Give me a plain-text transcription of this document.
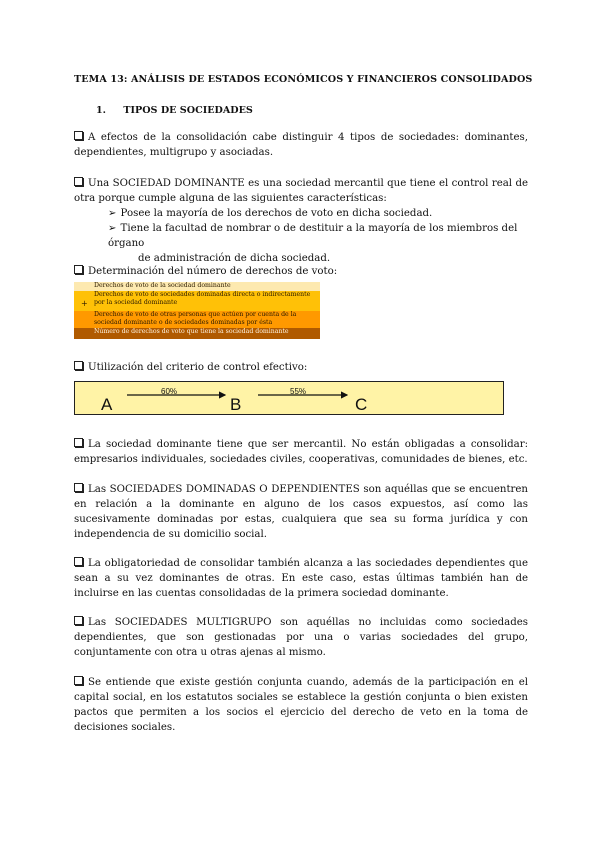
TEMA 13: ANÁLISIS DE ESTADOS ECONÓMICOS Y FINANCIEROS CONSOLIDADOS
1. TIPOS DE SOCIEDADES
A efectos de la consolidación cabe distinguir 4 tipos de sociedades: dominantes, dependientes, multigrupo y asociadas.
Una SOCIEDAD DOMINANTE es una sociedad mercantil que tiene el control real de otra porque cumple alguna de las siguientes características:
➢ Posee la mayoría de los derechos de voto en dicha sociedad.
➢ Tiene la facultad de nombrar o de destituir a la mayoría de los miembros del órgano
de administración de dicha sociedad.
Determinación del número de derechos de voto:
Derechos de voto de la sociedad dominante
+
Derechos de voto de sociedades dominadas directa o indirectamente por la sociedad dominante
Derechos de voto de otras personas que actúen por cuenta de la sociedad dominante o de sociedades dominadas por ésta
Número de derechos de voto que tiene la sociedad dominante
Utilización del criterio de control efectivo:
60%	55%
A	B	C
La sociedad dominante tiene que ser mercantil. No están obligadas a consolidar: empresarios individuales, sociedades civiles, cooperativas, comunidades de bienes, etc.
Las SOCIEDADES DOMINADAS O DEPENDIENTES son aquéllas que se encuentren en relación a la dominante en alguno de los casos expuestos, así como las sucesivamente dominadas por estas, cualquiera que sea su forma jurídica y con independencia de su domicilio social.
La obligatoriedad de consolidar también alcanza a las sociedades dependientes que sean a su vez dominantes de otras. En este caso, estas últimas también han de incluirse en las cuentas consolidadas de la primera sociedad dominante.
Las SOCIEDADES MULTIGRUPO son aquéllas no incluidas como sociedades dependientes, que son gestionadas por una o varias sociedades del grupo, conjuntamente con otra u otras ajenas al mismo.
Se entiende que existe gestión conjunta cuando, además de la participación en el capital social, en los estatutos sociales se establece la gestión conjunta o bien existen pactos que permiten a los socios el ejercicio del derecho de veto en la toma de decisiones sociales.
